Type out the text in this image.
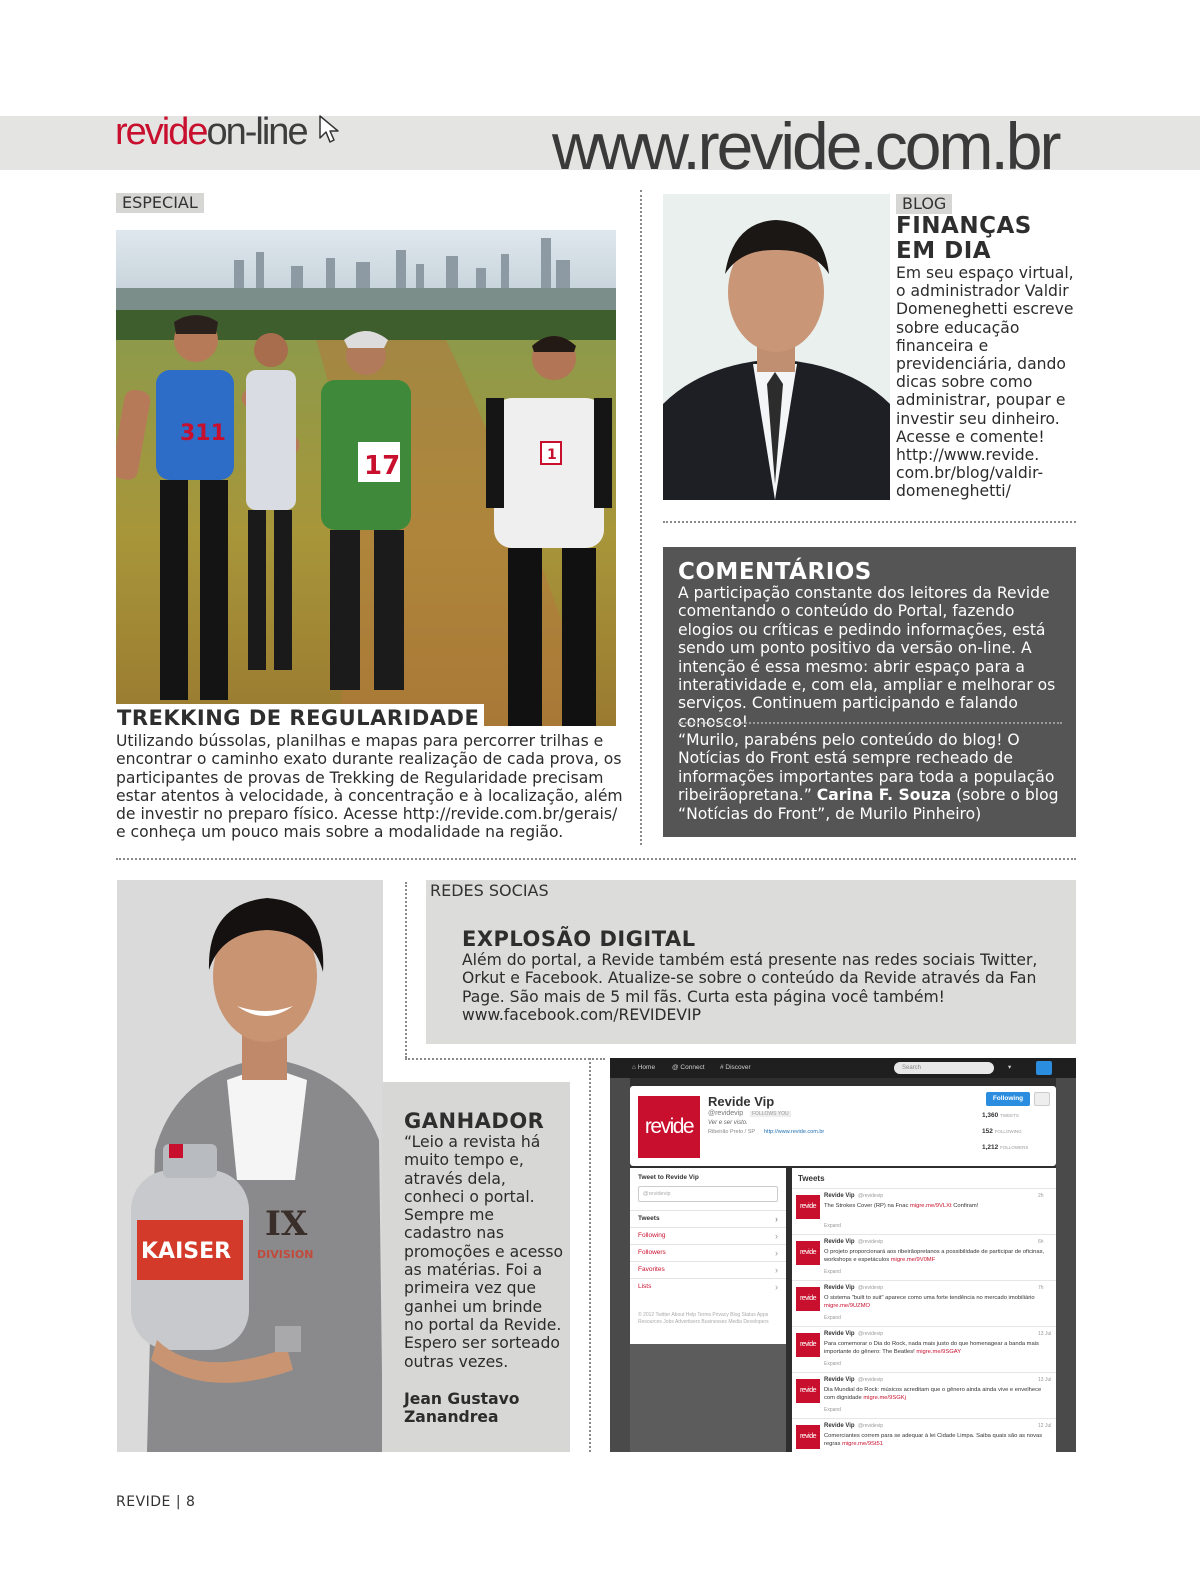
revideon-line	www.revide.com.br
ESPECIAL
311
17	1
TREKKING DE REGULARIDADE
Utilizando bússolas, planilhas e mapas para percorrer trilhas e encontrar o caminho exato durante realização de cada prova, os participantes de provas de Trekking de Regularidade precisam estar atentos à velocidade, à concentração e à localização, além de investir no preparo físico. Acesse http://revide.com.br/gerais/ e conheça um pouco mais sobre a modalidade na região.
BLOG
FINANÇAS
EM DIA
Em seu espaço virtual, o administrador Valdir Domeneghetti escreve sobre educação financeira e previdenciária, dando dicas sobre como administrar, poupar e investir seu dinheiro. Acesse e comente! http://www.revide. com.br/blog/valdir-domeneghetti/
COMENTÁRIOS
A participação constante dos leitores da Revide comentando o conteúdo do Portal, fazendo elogios ou críticas e pedindo informações, está sendo um ponto positivo da versão on-line. A intenção é essa mesmo: abrir espaço para a interatividade e, com ela, ampliar e melhorar os serviços. Continuem participando e falando conosco!
“Murilo, parabéns pelo conteúdo do blog! O Notícias do Front está sempre recheado de informações importantes para toda a população ribeirãopretana.” Carina F. Souza (sobre o blog “Notícias do Front”, de Murilo Pinheiro)
REDES SOCIAS
EXPLOSÃO DIGITAL
Além do portal, a Revide também está presente nas redes sociais Twitter, Orkut e Facebook. Atualize-se sobre o conteúdo da Revide através da Fan Page. São mais de 5 mil fãs. Curta esta página você também! www.facebook.com/REVIDEVIP
IX
DIVISION
KAISER
GANHADOR
“Leio a revista há muito tempo e, através dela, conheci o portal. Sempre me cadastro nas promoções e acesso as matérias. Foi a primeira vez que ganhei um brinde no portal da Revide. Espero ser sorteado outras vezes.
Jean Gustavo Zanandrea
⌂ Home	@ Connect # Discover	Search	▾
revide
Revide Vip
@revidevip	FOLLOWS YOU
Ver e ser visto.
Ribeirão Preto / SP http://www.revide.com.br
Following
1,360 TWEETS
152 FOLLOWING
1,212 FOLLOWERS
Tweet to Revide Vip
@revidevip
Tweets ›
Following ›
Followers ›
Favorites ›
Lists ›
© 2012 Twitter About Help Terms Privacy Blog Status Apps Resources Jobs Advertisers Businesses Media Developers
Tweets
revide
Revide Vip @revidevip	2h
The Strokes Cover (RP) na Fnac migre.me/9VLXt Confiram!
Expand
revide
Revide Vip @revidevip	6h
O projeto proporcionará aos ribeirãopretanos a possibilidade de participar de oficinas, workshops e espetáculos migre.me/9V0MF
Expand
revide
Revide Vip @revidevip	7h
O sistema "built to suit" aparece como uma forte tendência no mercado imobiliário migre.me/9UZMO
Expand
revide
Revide Vip @revidevip	13 Jul
Para comemorar o Dia do Rock, nada mais justo do que homenagear a banda mais importante do gênero: The Beatles! migre.me/9SGAY
Expand
revide
Revide Vip @revidevip	13 Jul
Dia Mundial do Rock: músicos acreditam que o gênero ainda ainda vive e envelhece com dignidade migre.me/9SGKj
Expand
revide
Revide Vip @revidevip	12 Jul
Comerciantes correm para se adequar à lei Cidade Limpa. Saiba quais são as novas regras migre.me/9St51
REVIDE | 8
